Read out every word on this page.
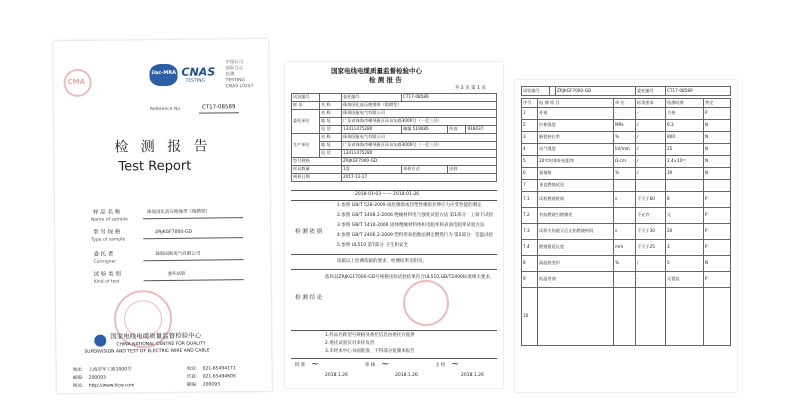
CMA
ilac-MRA CNAS
TESTING
中国认可
国际互认
检测
TESTING
CNAS L0257
Reference No	CT17-08589
检 测 报 告
Test Report
样 品 名 称
Name of sample
珠海国化高压绝缘带（阻燃型）
型 号 规 格
Type of sample
ZRJKGF7000-GD
委 托 者
Consigner
珠海国航电气有限公司
试 验 类 别
Kind of test
委托试验
国家电线电缆质量监督检验中心
CHINA NATIONAL CENTRE FOR QUALITY
SUPERVISION AND TEST OF ELECTRIC WIRE AND CABLE
地址： 上海市军工路1000号	电话： 021-65494171
邮编： 200093	传真： 021-65494605
网址： http://www.tlcw.com	邮编： 200093
国家电线电缆质量监督检验中心
检 测 报 告
共 2 页 第 1 页
试验编号		委托编号	CT17-08589		
样 品	名 称	珠海国化高压绝缘带（阻燃型）			
委托单位	名 称	珠海国航电气有限公司			
	地 址	广东省珠海市横琴新区环岛东路3000号（一至三层）			
	电 话	13411475280	邮编 519085	传真	918037
生产单位	名 称	珠海国航电气有限公司			
	地 址	广东省珠海市横琴新区环岛东路3000号（一至三层）			
	电 话	13411475280			
型号规格		ZRJKGF7000-GD			
样品数量		1盘	来样方式	送样	
到样日期		2017-12-27			
2018-01-03 —— 2018-01-26
检 测 依 据
1.参照 GB/T 528-2009 硫化橡胶或热塑性橡胶拉伸应力应变性能的测定
2.参照 GB/T 1408.1-2006 绝缘材料电气强度试验方法 第1部分：工频下试验
3.参照 GB/T 1410-2006 固体绝缘材料体积电阻率和表面电阻率试验方法
4.参照 GB/T 2406.2-2009 塑料用氧指数法测定燃烧行为 第2部分：室温试验
5.参照 UL510 第7部分 卫生和安全
依据以上检测依据的要求，检测结果见附页。
检 测 结 论
依样品ZRJKGF7000-GD号规格送检试验结果符合UL510,GB/T2406标准相关要求。
1.样品名称型号规格及委托信息由委托方提供
2.委托试验仅对来样负责
3.未经本中心书面批准，不得部分复制本报告
批 准 ~
2018.1.26
审 核 ~
2018.1.26
主 检 ~
2018.1.26
试验编号		ZRJKGF7000-GD	委托编号	CT17-08589
序号	检 测 项 目	单 位	标准要求	检测结果	判定
1	外观	-	-	合格	P
2	拉伸强度	MPa	/	6.3	N
3	断裂伸长率	%	/	800	N
4	电气强度	kV/mm	/	25	N
5	20℃时体积电阻率	Ω·cm	/	2.4×10¹⁵	N
6	氧指数	%	/	30	N
7	垂直燃烧试验				
7.1	试样燃烧时间	s	不大于60	8	P
7.2	有焰燃烧引燃棉花		不允许	无	P
7.3	试样火焰熄灭后无焰燃烧时间	s	不大于30	20	P
7.4	燃烧蔓延长度	mm	不大于25	3	P
8	高温热变形	%	/	5	N
9	低温弯曲		-	无裂纹	P
10					
